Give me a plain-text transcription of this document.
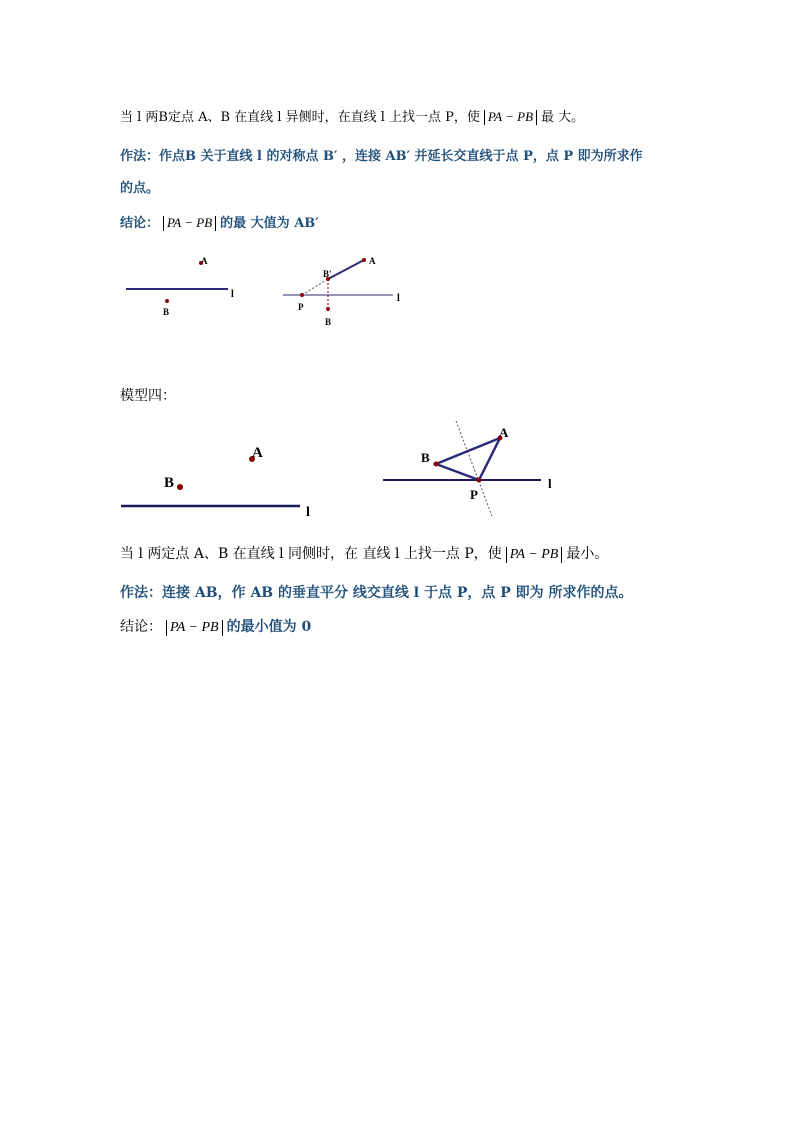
当 l 两B定点 A、B 在直线 l 异侧时，在直线 l 上找一点 P，使 PA − PB 最 大。
作法：作点B 关于直线 l 的对称点 B′ ，连接 AB′ 并延长交直线于点 P，点 P 即为所求作
的点。
结论： PA − PB 的最 大值为 AB′
A
B
l
A
B'
P
B
l
模型四：
A
B
l
A
B
P
l
当 l 两定点 A、B 在直线 l 同侧时，在 直线 l 上找一点 P，使 PA − PB 最小。
作法：连接 AB，作 AB 的垂直平分 线交直线 l 于点 P，点 P 即为 所求作的点。
结论： PA − PB 的最小值为 0
